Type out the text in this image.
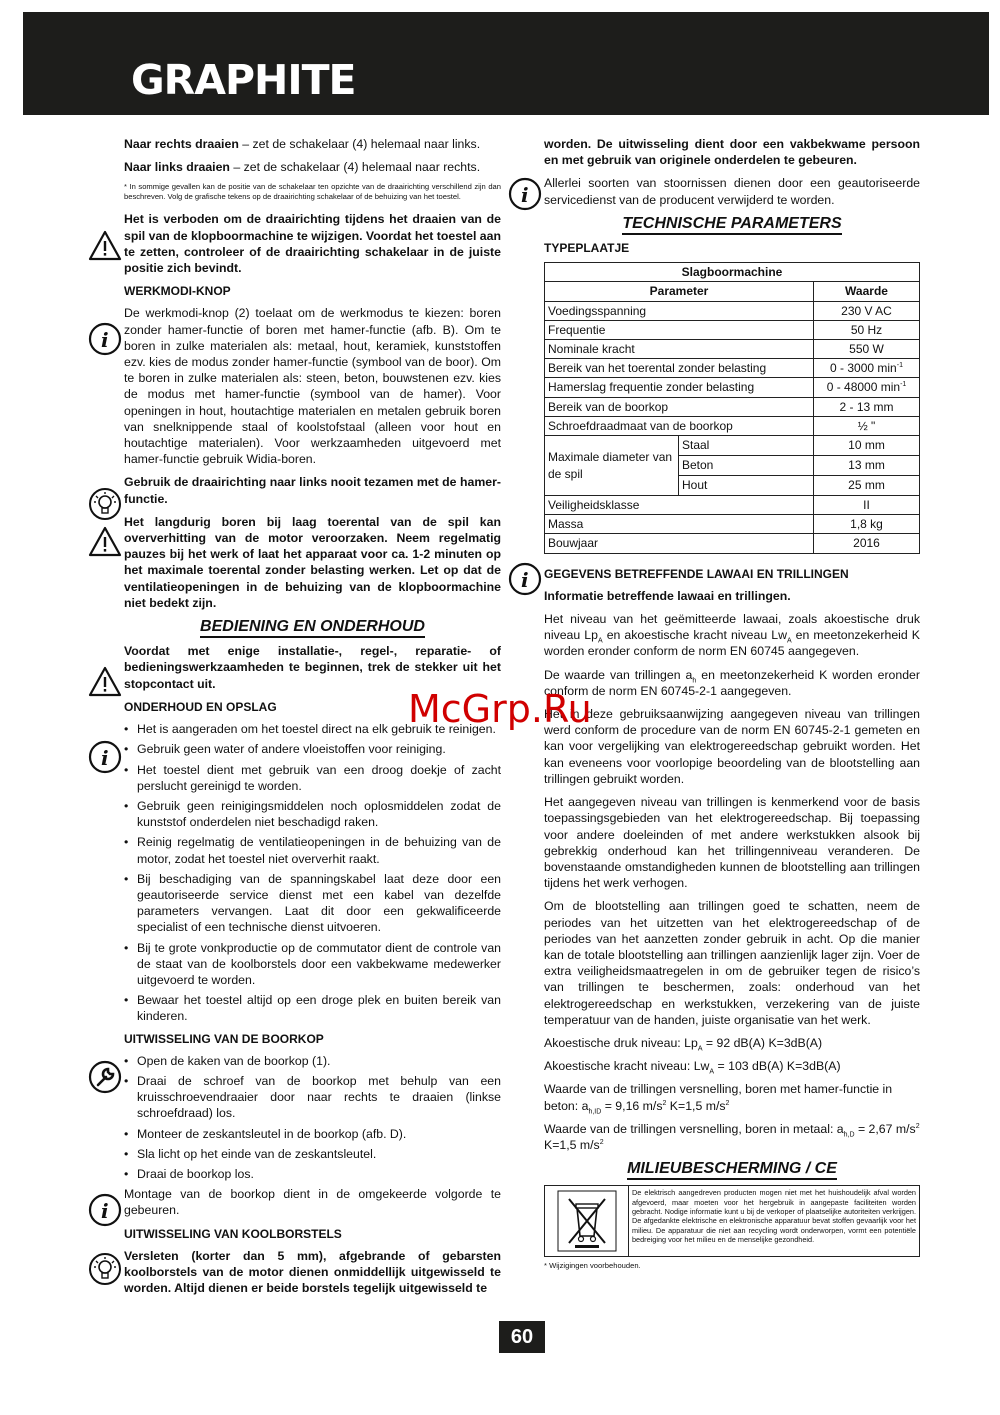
GRAPHITE
i
i
i
i
i

Naar rechts draaien – zet de schakelaar (4) helemaal naar links.

Naar links draaien – zet de schakelaar (4) helemaal naar rechts.

* In sommige gevallen kan de positie van de schakelaar ten opzichte van de draairichting verschillend zijn dan beschreven. Volg de grafische tekens op de draairichting schakelaar of de behuizing van het toestel.

Het is verboden om de draairichting tijdens het draaien van de spil van de klopboormachine te wijzigen. Voordat het toestel aan te zetten, controleer of de draairichting schakelaar in de juiste positie zich bevindt.

WERKMODI-KNOP

De werkmodi-knop (2) toelaat om de werkmodus te kiezen: boren zonder hamer-functie of boren met hamer-functie (afb. B). Om te boren in zulke materialen als: metaal, hout, keramiek, kunststoffen ezv. kies de modus zonder hamer-functie (symbool van de boor). Om te boren in zulke materialen als: steen, beton, bouwstenen ezv. kies de modus met hamer-functie (symbool van de hamer). Voor openingen in hout, houtachtige materialen en metalen gebruik boren van snelknippende staal of koolstofstaal (alleen voor hout en houtachtige materialen). Voor werkzaamheden uitgevoerd met hamer-functie gebruik Widia-boren.

Gebruik de draairichting naar links nooit tezamen met de hamer-functie.

Het langdurig boren bij laag toerental van de spil kan oververhitting van de motor veroorzaken. Neem regelmatig pauzes bij het werk of laat het apparaat voor ca. 1-2 minuten op het maximale toerental zonder belasting werken. Let op dat de ventilatieopeningen in de behuizing van de klopboormachine niet bedekt zijn.

BEDIENING EN ONDERHOUD

Voordat met enige installatie-, regel-, reparatie- of bedieningswerkzaamheden te beginnen, trek de stekker uit het stopcontact uit.

ONDERHOUD EN OPSLAG
• Het is aangeraden om het toestel direct na elk gebruik te reinigen.
• Gebruik geen water of andere vloeistoffen voor reiniging.
• Het toestel dient met gebruik van een droog doekje of zacht perslucht gereinigd te worden.
• Gebruik geen reinigingsmiddelen noch oplosmiddelen zodat de kunststof onderdelen niet beschadigd raken.
• Reinig regelmatig de ventilatieopeningen in de behuizing van de motor, zodat het toestel niet oververhit raakt.
• Bij beschadiging van de spanningskabel laat deze door een geautoriseerde service dienst met een kabel van dezelfde parameters vervangen. Laat dit door een gekwalificeerde specialist of een technische dienst uitvoeren.
• Bij te grote vonkproductie op de commutator dient de controle van de staat van de koolborstels door een vakbekwame medewerker uitgevoerd te worden.
• Bewaar het toestel altijd op een droge plek en buiten bereik van kinderen.
UITWISSELING VAN DE BOORKOP
• Open de kaken van de boorkop (1).
• Draai de schroef van de boorkop met behulp van een kruisschroevendraaier door naar rechts te draaien (linkse schroefdraad) los.
• Monteer de zeskantsleutel in de boorkop (afb. D).
• Sla licht op het einde van de zeskantsleutel.
• Draai de boorkop los.

Montage van de boorkop dient in de omgekeerde volgorde te gebeuren.

UITWISSELING VAN KOOLBORSTELS

Versleten (korter dan 5 mm), afgebrande of gebarsten koolborstels van de motor dienen onmiddellijk uitgewisseld te worden. Altijd dienen er beide borstels tegelijk uitgewisseld te

worden. De uitwisseling dient door een vakbekwame persoon en met gebruik van originele onderdelen te gebeuren.

Allerlei soorten van stoornissen dienen door een geautoriseerde servicedienst van de producent verwijderd te worden.

TECHNISCHE PARAMETERS
TYPEPLAATJE
Slagboormachine		
Parameter		Waarde
Voedingsspanning		230 V AC
Frequentie		50 Hz
Nominale kracht		550 W
Bereik van het toerental zonder belasting		0 - 3000 $\min^{-1}$
Hamerslag frequentie zonder belasting		0 - 48000 $\min^{-1}$
Bereik van de boorkop		2 - 13 mm
Schroefdraadmaat van de boorkop		½ "
Maximale diameter van de spil	Staal	10 mm
	Beton	13 mm
	Hout	25 mm
Veiligheidsklasse		II
Massa		1,8 kg
Bouwjaar		2016
GEGEVENS BETREFFENDE LAWAAI EN TRILLINGEN

Informatie betreffende lawaai en trillingen.

Het niveau van het geëmitteerde lawaai, zoals akoestische druk niveau $Lp_A$ en akoestische kracht niveau $Lw_A$ en meetonzekerheid K worden eronder conform de norm EN 60745 aangegeven.

De waarde van trillingen $a_h$ en meetonzekerheid K worden eronder conform de norm EN 60745-2-1 aangegeven.

Het in deze gebruiksaanwijzing aangegeven niveau van trillingen werd conform de procedure van de norm EN 60745-2-1 gemeten en kan voor vergelijking van elektrogereedschap gebruikt worden. Het kan eveneens voor voorlopige beoordeling van de blootstelling aan trillingen gebruikt worden.

Het aangegeven niveau van trillingen is kenmerkend voor de basis toepassingsgebieden van het elektrogereedschap. Bij toepassing voor andere doeleinden of met andere werkstukken alsook bij gebrekkig onderhoud kan het trillingenniveau veranderen. De bovenstaande omstandigheden kunnen de blootstelling aan trillingen tijdens het werk verhogen.

Om de blootstelling aan trillingen goed te schatten, neem de periodes van het uitzetten van het elektrogereedschap of de periodes van het aanzetten zonder gebruik in acht. Op die manier kan de totale blootstelling aan trillingen aanzienlijk lager zijn. Voer de extra veiligheidsmaatregelen in om de gebruiker tegen de risico’s van trillingen te beschermen, zoals: onderhoud van het elektrogereedschap en werkstukken, verzekering van de juiste temperatuur van de handen, juiste organisatie van het werk.

Akoestische druk niveau: $Lp_A = 92$ dB(A) K=3dB(A)

Akoestische kracht niveau: $Lw_A = 103$ dB(A) K=3dB(A)

Waarde van de trillingen versnelling, boren met hamer-functie in beton: $a_{h,ID} = 9,16$ $m/s^2$ K=1,5 $m/s^2$

Waarde van de trillingen versnelling, boren in metaal: $a_{h,D} = 2,67$ $m/s^2$ K=1,5 $m/s^2$

MILIEUBESCHERMING / CE
De elektrisch aangedreven producten mogen niet met het huishoudelijk afval worden afgevoerd, maar moeten voor het hergebruik in aangepaste faciliteiten worden gebracht. Nodige informatie kunt u bij de verkoper of plaatselijke autoriteiten verkrijgen. De afgedankte elektrische en elektronische apparatuur bevat stoffen gevaarlijk voor het milieu. De apparatuur die niet aan recycling wordt onderworpen, vormt een potentiële bedreiging voor het milieu en de menselijke gezondheid.
* Wijzigingen voorbehouden.
McGrp.Ru
60
